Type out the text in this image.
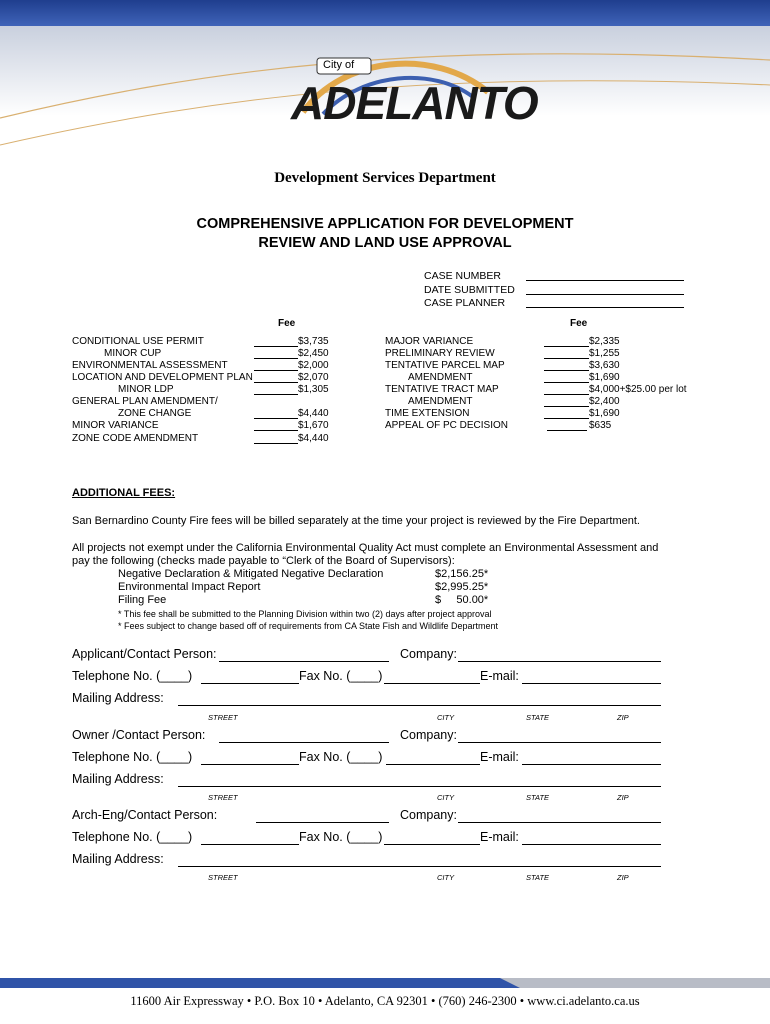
City of
ADELANTO
Development Services Department
COMPREHENSIVE APPLICATION FOR DEVELOPMENT
REVIEW AND LAND USE APPROVAL
CASE NUMBER
DATE SUBMITTED
CASE PLANNER
Fee	Fee
CONDITIONAL USE PERMIT	$3,735
MINOR CUP	$2,450
ENVIRONMENTAL ASSESSMENT	$2,000
LOCATION AND DEVELOPMENT PLAN	$2,070
MINOR LDP	$1,305
GENERAL PLAN AMENDMENT/
ZONE CHANGE	$4,440
MINOR VARIANCE	$1,670
ZONE CODE AMENDMENT	$4,440
MAJOR VARIANCE	$2,335
PRELIMINARY REVIEW	$1,255
TENTATIVE PARCEL MAP	$3,630
AMENDMENT	$1,690
TENTATIVE TRACT MAP	$4,000+$25.00 per lot
AMENDMENT	$2,400
TIME EXTENSION	$1,690
APPEAL OF PC DECISION	$635
ADDITIONAL FEES:
San Bernardino County Fire fees will be billed separately at the time your project is reviewed by the Fire Department.
All projects not exempt under the California Environmental Quality Act must complete an Environmental Assessment and
pay the following (checks made payable to “Clerk of the Board of Supervisors):
Negative Declaration & Mitigated Negative Declaration	$2,156.25*
Environmental Impact Report	$2,995.25*
Filing Fee	$     50.00*
* This fee shall be submitted to the Planning Division within two (2) days after project approval
* Fees subject to change based off of requirements from CA State Fish and Wildlife Department
Applicant/Contact Person:	Company:
Telephone No. (____)	Fax No. (____)	E-mail:
Mailing Address:
STREET	CITY	STATE	ZIP
Owner /Contact Person:	Company:
Telephone No. (____)	Fax No. (____)	E-mail:
Mailing Address:
STREET	CITY	STATE	ZIP
Arch-Eng/Contact Person:	Company:
Telephone No. (____)	Fax No. (____)	E-mail:
Mailing Address:
STREET	CITY	STATE	ZIP
11600 Air Expressway • P.O. Box 10 • Adelanto, CA 92301 • (760) 246-2300 • www.ci.adelanto.ca.us
